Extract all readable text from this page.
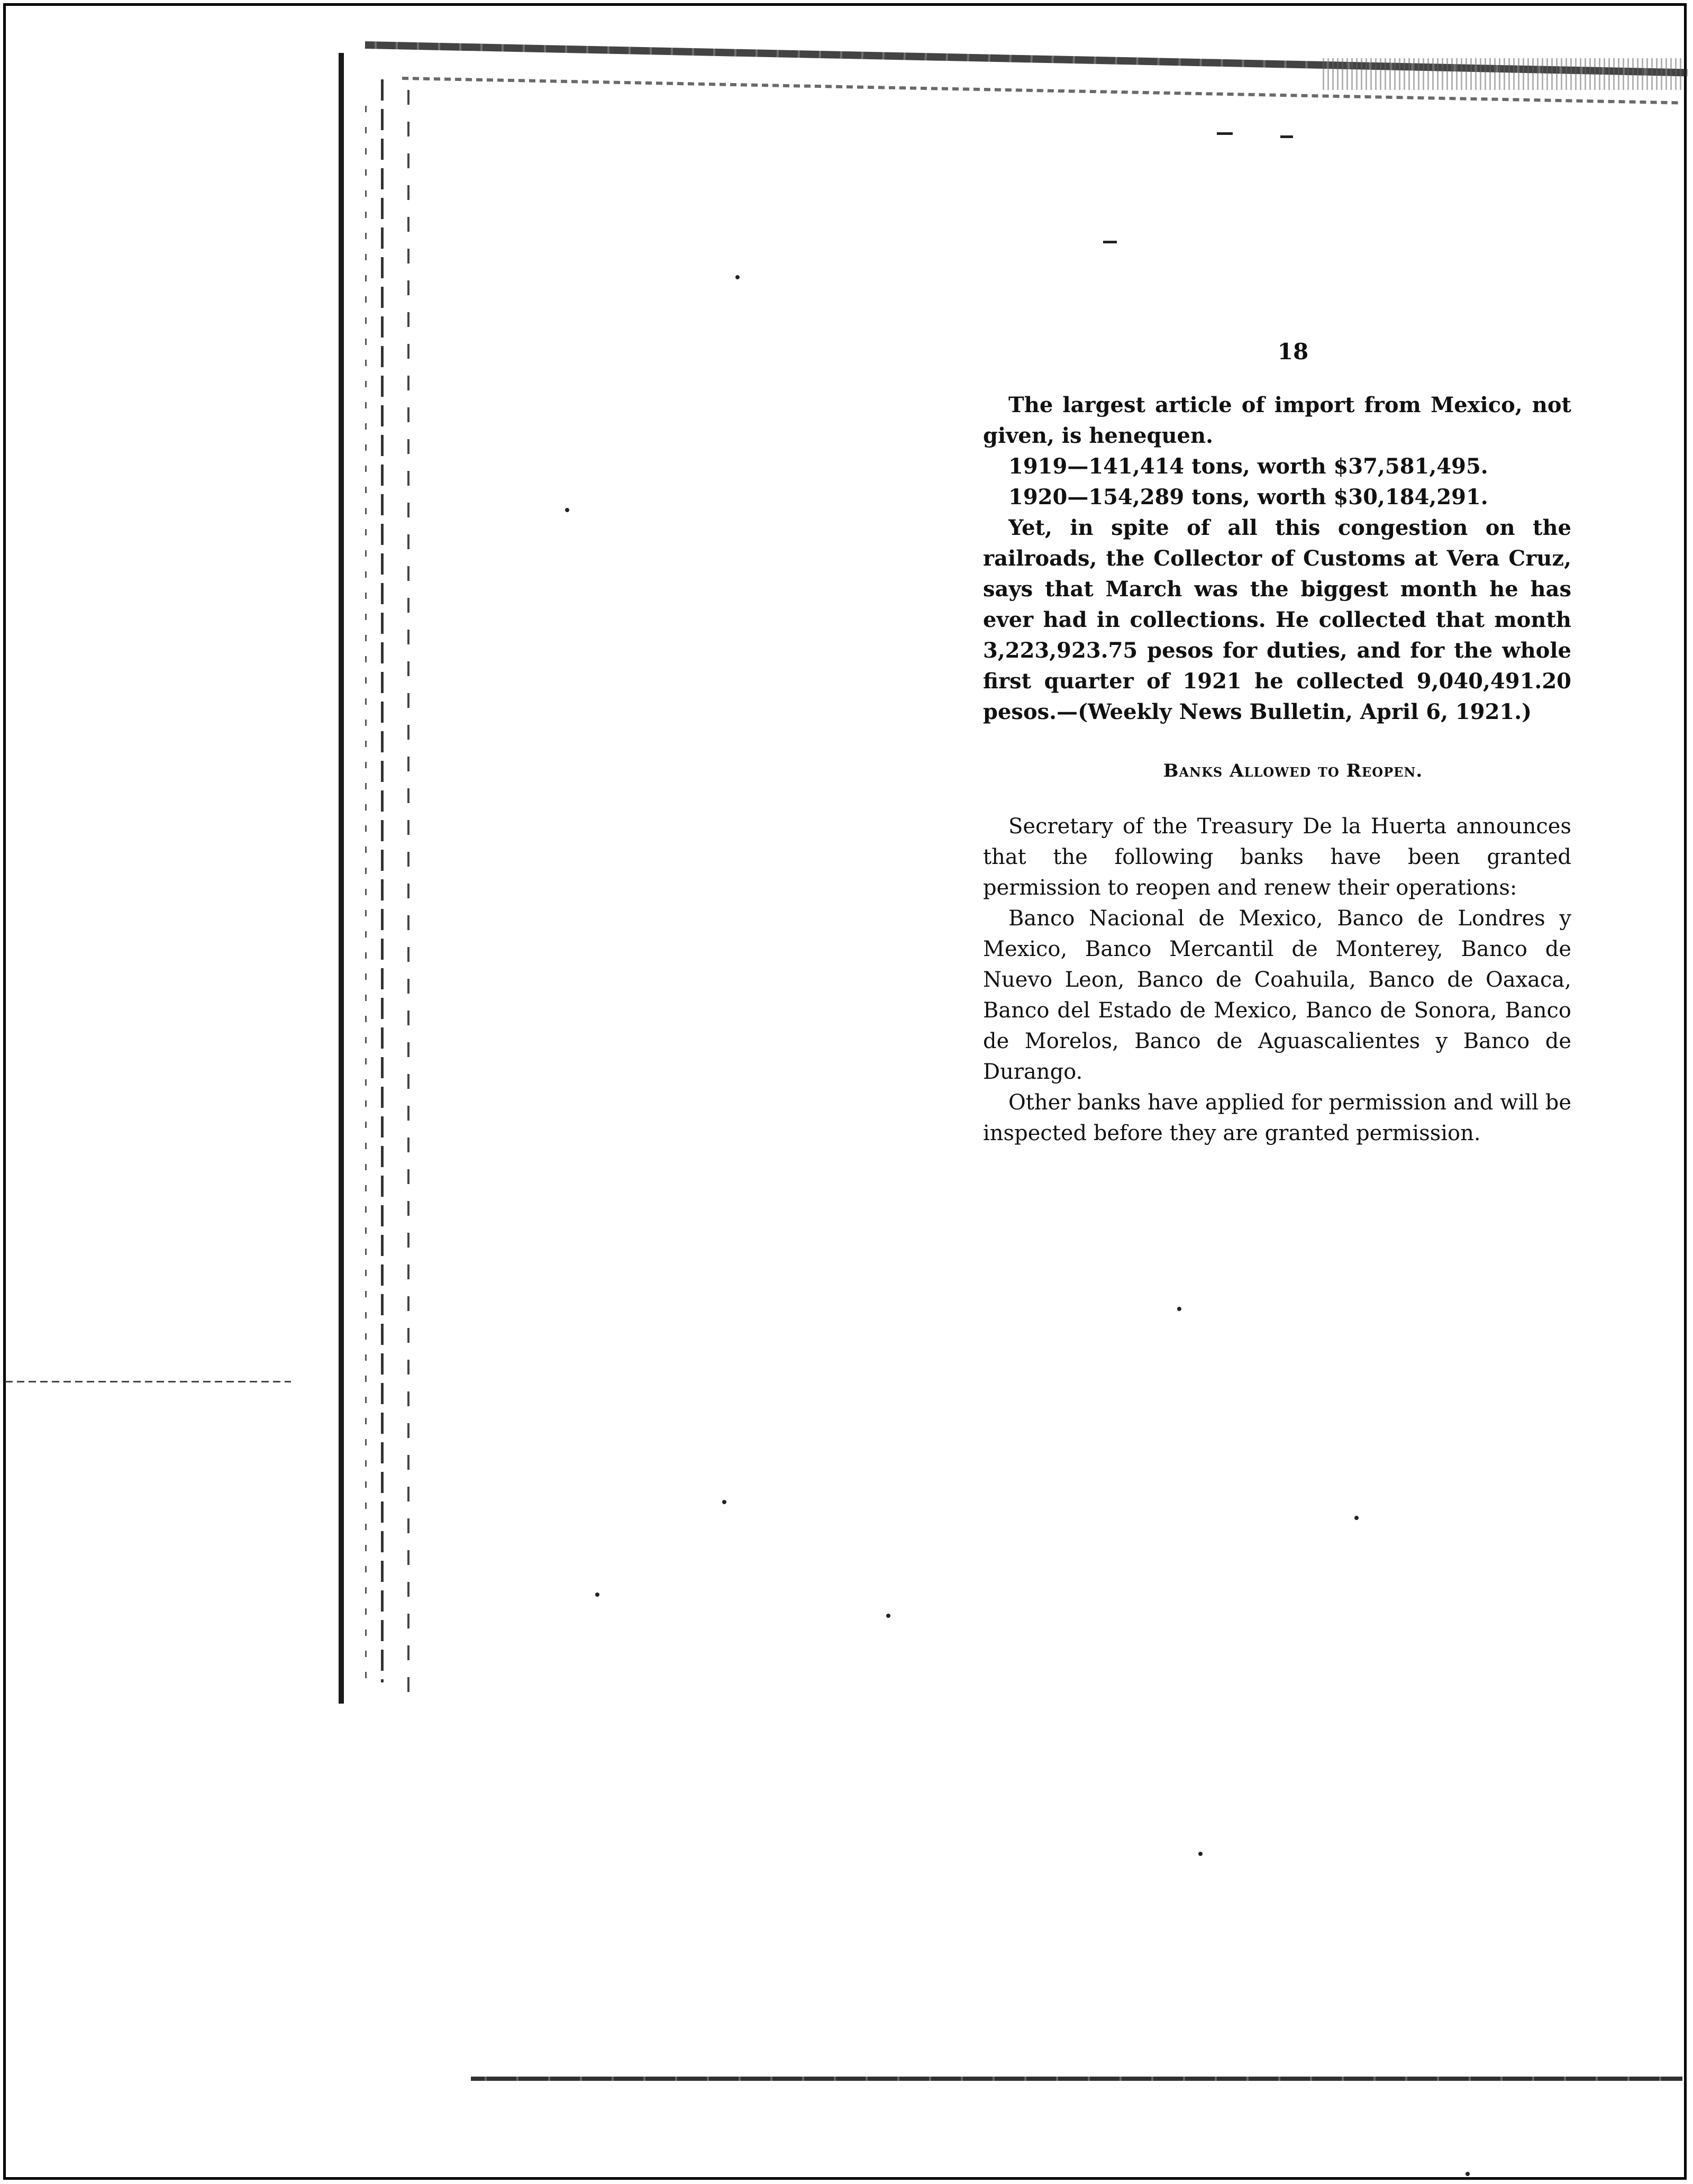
18

The largest article of import from Mexico, not given, is henequen.

1919—141,414 tons, worth $37,581,495.

1920—154,289 tons, worth $30,184,291.

Yet, in spite of all this congestion on the railroads, the Collector of Customs at Vera Cruz, says that March was the biggest month he has ever had in collections. He collected that month 3,223,923.75 pesos for duties, and for the whole first quarter of 1921 he collected 9,040,491.20 pesos.—(Weekly News Bulletin, April 6, 1921.)

Banks Allowed to Reopen.

Secretary of the Treasury De la Huerta announces that the following banks have been granted permission to reopen and renew their operations:

Banco Nacional de Mexico, Banco de Londres y Mexico, Banco Mercantil de Monterey, Banco de Nuevo Leon, Banco de Coahuila, Banco de Oaxaca, Banco del Estado de Mexico, Banco de Sonora, Banco de Morelos, Banco de Aguascalientes y Banco de Durango.

Other banks have applied for permission and will be inspected before they are granted permission.
